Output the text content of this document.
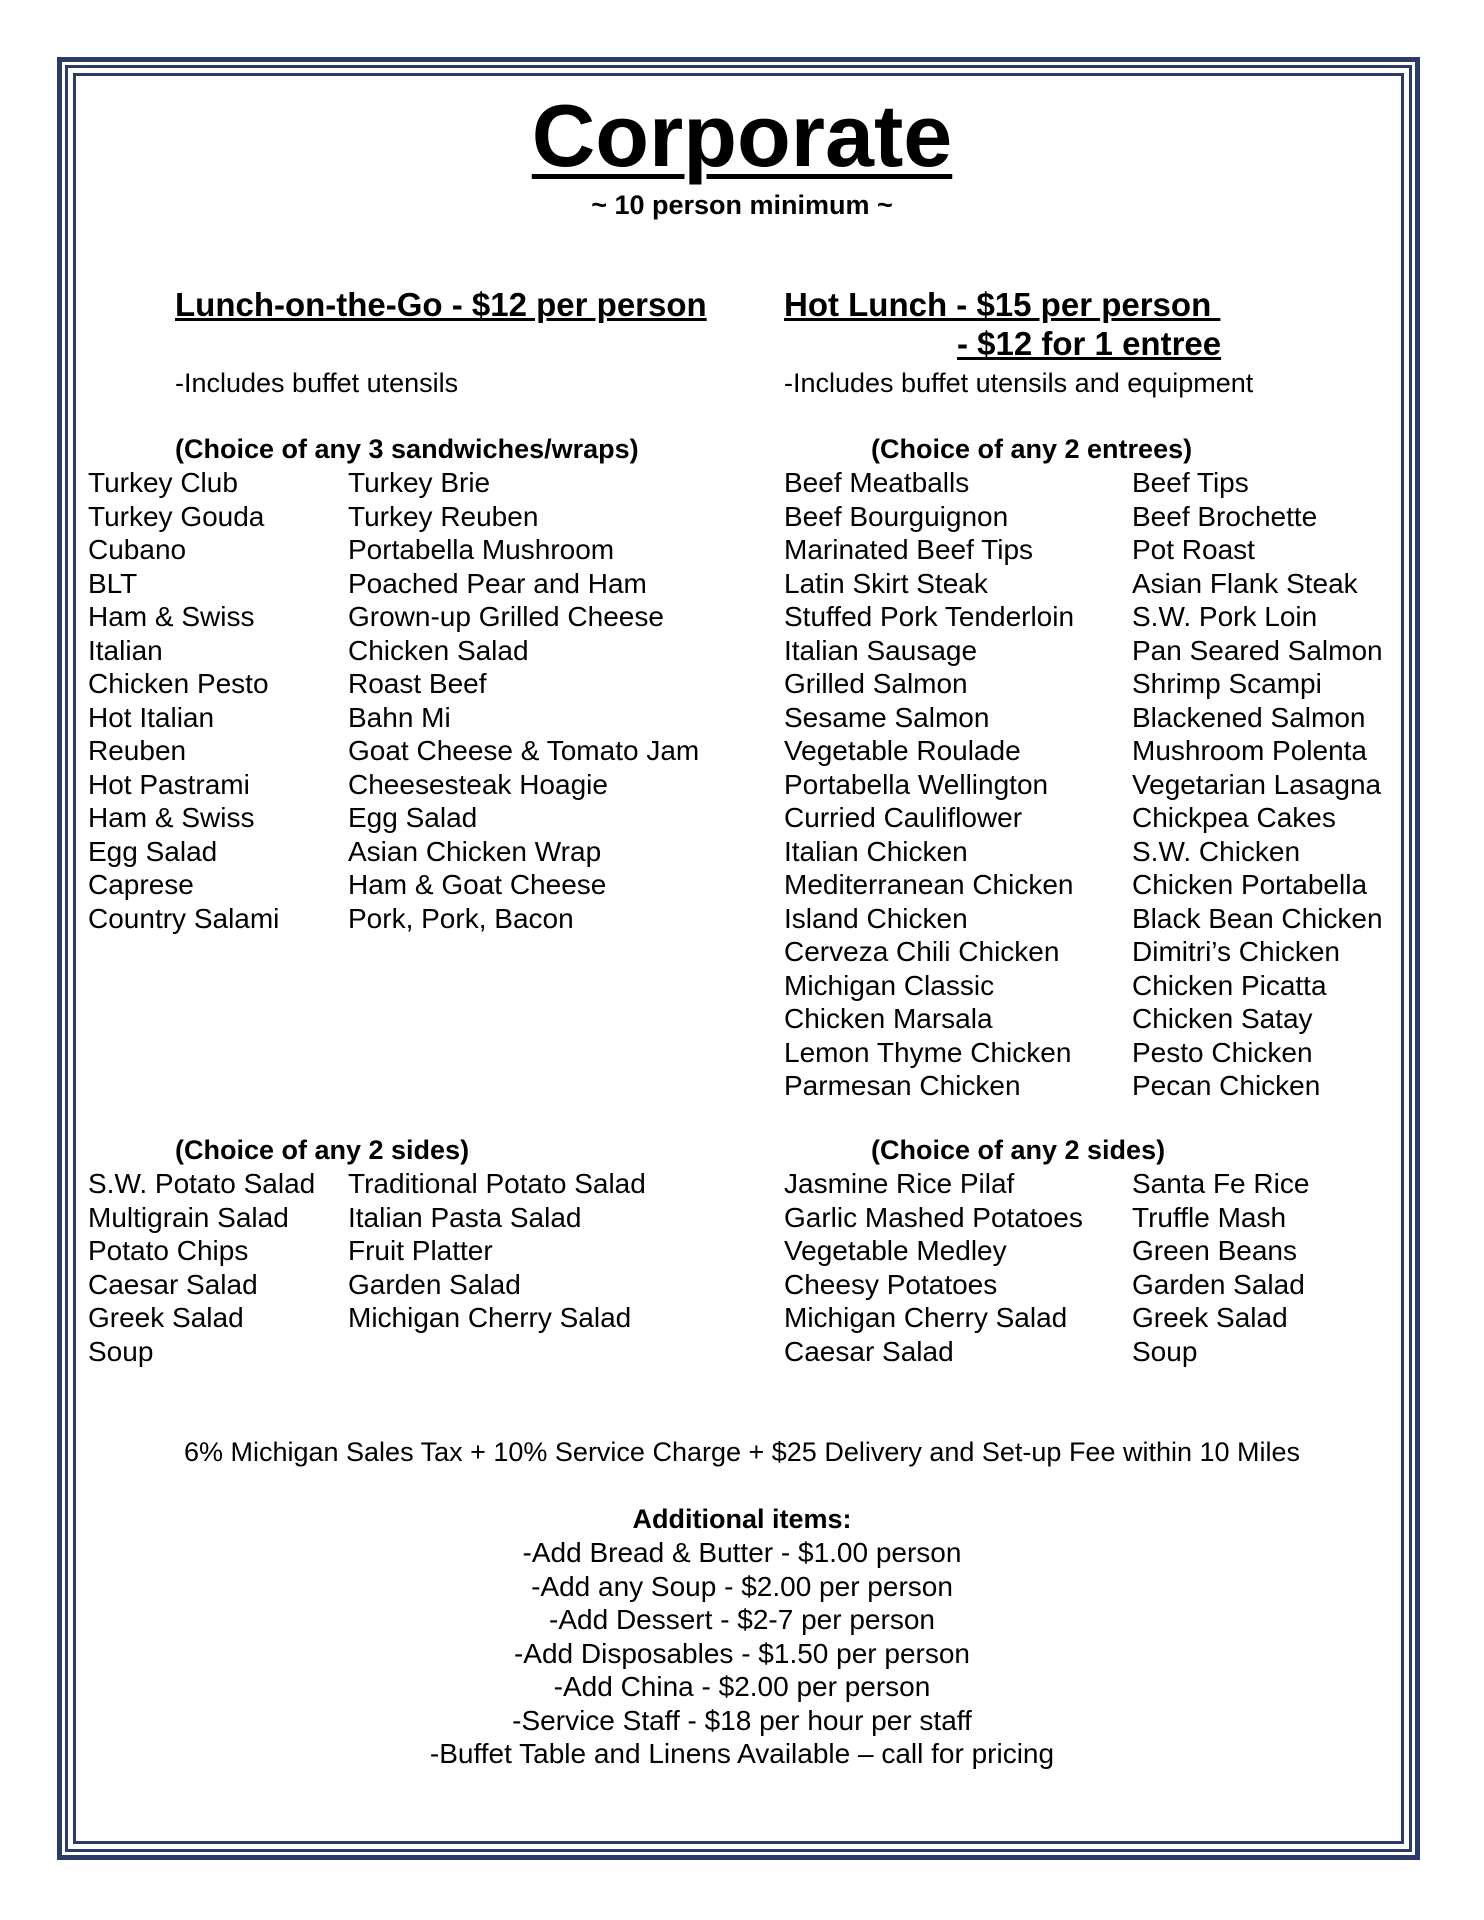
Corporate
~ 10 person minimum ~
Lunch-on-the-Go - $12 per person
-Includes buffet utensils
(Choice of any 3 sandwiches/wraps)
Turkey Club
Turkey Gouda
Cubano
BLT
Ham & Swiss
Italian
Chicken Pesto
Hot Italian
Reuben
Hot Pastrami
Ham & Swiss
Egg Salad
Caprese
Country Salami
Turkey Brie
Turkey Reuben
Portabella Mushroom
Poached Pear and Ham
Grown-up Grilled Cheese
Chicken Salad
Roast Beef
Bahn Mi
Goat Cheese & Tomato Jam
Cheesesteak Hoagie
Egg Salad
Asian Chicken Wrap
Ham & Goat Cheese
Pork, Pork, Bacon
(Choice of any 2 sides)
S.W. Potato Salad
Multigrain Salad
Potato Chips
Caesar Salad
Greek Salad
Soup
Traditional Potato Salad
Italian Pasta Salad
Fruit Platter
Garden Salad
Michigan Cherry Salad
Hot Lunch - $15 per person
- $12 for 1 entree
-Includes buffet utensils and equipment
(Choice of any 2 entrees)
Beef Meatballs
Beef Bourguignon
Marinated Beef Tips
Latin Skirt Steak
Stuffed Pork Tenderloin
Italian Sausage
Grilled Salmon
Sesame Salmon
Vegetable Roulade
Portabella Wellington
Curried Cauliflower
Italian Chicken
Mediterranean Chicken
Island Chicken
Cerveza Chili Chicken
Michigan Classic
Chicken Marsala
Lemon Thyme Chicken
Parmesan Chicken
Beef Tips
Beef Brochette
Pot Roast
Asian Flank Steak
S.W. Pork Loin
Pan Seared Salmon
Shrimp Scampi
Blackened Salmon
Mushroom Polenta
Vegetarian Lasagna
Chickpea Cakes
S.W. Chicken
Chicken Portabella
Black Bean Chicken
Dimitri’s Chicken
Chicken Picatta
Chicken Satay
Pesto Chicken
Pecan Chicken
(Choice of any 2 sides)
Jasmine Rice Pilaf
Garlic Mashed Potatoes
Vegetable Medley
Cheesy Potatoes
Michigan Cherry Salad
Caesar Salad
Santa Fe Rice
Truffle Mash
Green Beans
Garden Salad
Greek Salad
Soup
6% Michigan Sales Tax + 10% Service Charge + $25 Delivery and Set-up Fee within 10 Miles
Additional items:
-Add Bread & Butter - $1.00 person
-Add any Soup - $2.00 per person
-Add Dessert - $2-7 per person
-Add Disposables - $1.50 per person
-Add China - $2.00 per person
-Service Staff - $18 per hour per staff
-Buffet Table and Linens Available – call for pricing
